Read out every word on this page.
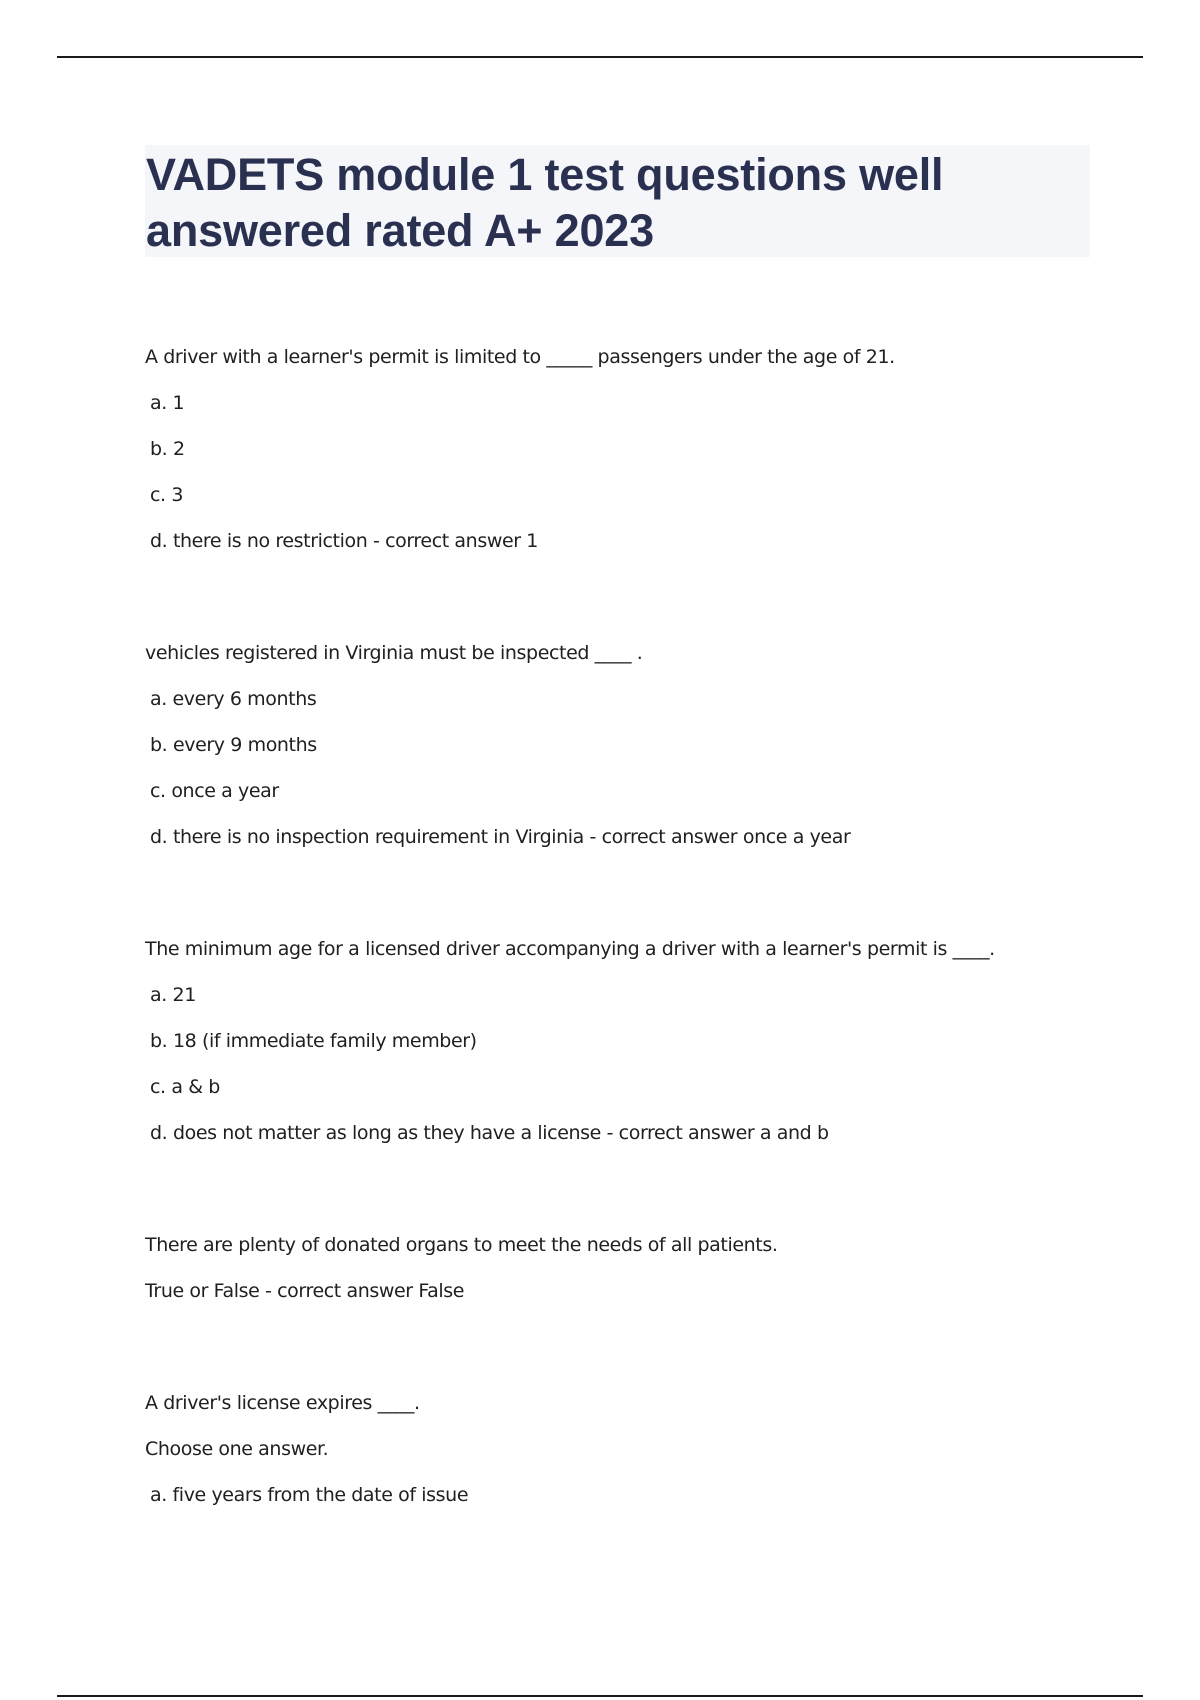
VADETS module 1 test questions well answered rated A+ 2023
A driver with a learner's permit is limited to _____ passengers under the age of 21.
a. 1
b. 2
c. 3
d. there is no restriction - correct answer 1
vehicles registered in Virginia must be inspected ____ .
a. every 6 months
b. every 9 months
c. once a year
d. there is no inspection requirement in Virginia - correct answer once a year
The minimum age for a licensed driver accompanying a driver with a learner's permit is ____.
a. 21
b. 18 (if immediate family member)
c. a & b
d. does not matter as long as they have a license - correct answer a and b
There are plenty of donated organs to meet the needs of all patients.
True or False - correct answer False
A driver's license expires ____.
Choose one answer.
a. five years from the date of issue
